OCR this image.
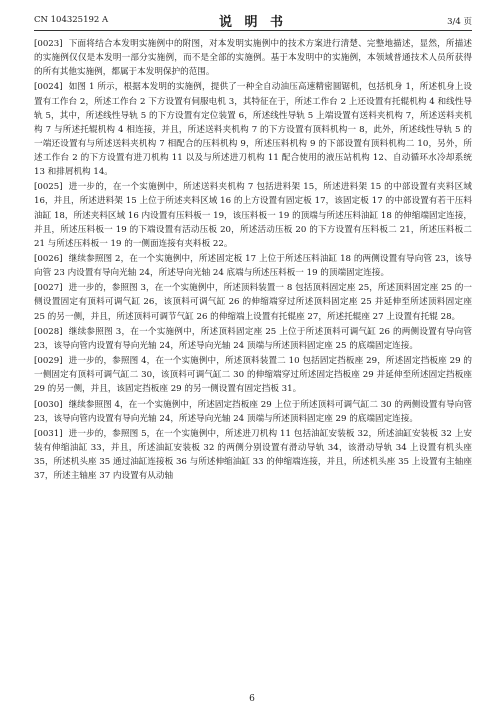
CN 104325192 A	说 明 书	3/4 页

[0023] 下面将结合本发明实施例中的附图，对本发明实施例中的技术方案进行清楚、完整地描述，显然，所描述的实施例仅仅是本发明一部分实施例，而不是全部的实施例。基于本发明中的实施例，本领域普通技术人员所获得的所有其他实施例，都属于本发明保护的范围。

[0024] 如图 1 所示，根据本发明的实施例，提供了一种全自动油压高速精密圆锯机，包括机身 1，所述机身上设置有工作台 2，所述工作台 2 下方设置有伺服电机 3，其特征在于，所述工作台 2 上还设置有托辊机构 4 和线性导轨 5，其中，所述线性导轨 5 的下方设置有定位装置 6，所述线性导轨 5 上端设置有送料夹机构 7，所述送料夹机构 7 与所述托辊机构 4 相连接，并且，所述送料夹机构 7 的下方设置有顶料机构一 8，此外，所述线性导轨 5 的一端还设置有与所述送料夹机构 7 相配合的压料机构 9，所述压料机构 9 的下部设置有顶料机构二 10，另外，所述工作台 2 的下方设置有进刀机构 11 以及与所述进刀机构 11 配合使用的液压站机构 12、自动循环水冷却系统 13 和排屑机构 14。

[0025] 进一步的，在一个实施例中，所述送料夹机构 7 包括进料架 15，所述进料架 15 的中部设置有夹料区域 16，并且，所述进料架 15 上位于所述夹料区域 16 的上方设置有固定板 17，该固定板 17 的中部设置有若干压料油缸 18，所述夹料区域 16 内设置有压料板一 19，该压料板一 19 的顶端与所述压料油缸 18 的伸缩端固定连接，并且，所述压料板一 19 的下端设置有活动压板 20，所述活动压板 20 的下方设置有压料板二 21，所述压料板二 21 与所述压料板一 19 的一侧面连接有夹料板 22。

[0026] 继续参照图 2，在一个实施例中，所述固定板 17 上位于所述压料油缸 18 的两侧设置有导向管 23，该导向管 23 内设置有导向光轴 24，所述导向光轴 24 底端与所述压料板一 19 的顶端固定连接。

[0027] 进一步的，参照图 3，在一个实施例中，所述顶料装置一 8 包括顶料固定座 25，所述顶料固定座 25 的一侧设置固定有顶料可调气缸 26，该顶料可调气缸 26 的伸缩端穿过所述顶料固定座 25 并延伸至所述顶料固定座 25 的另一侧，并且，所述顶料可调节气缸 26 的伸缩端上设置有托辊座 27，所述托辊座 27 上设置有托辊 28。

[0028] 继续参照图 3，在一个实施例中，所述顶料固定座 25 上位于所述顶料可调气缸 26 的两侧设置有导向管 23，该导向管内设置有导向光轴 24，所述导向光轴 24 顶端与所述顶料固定座 25 的底端固定连接。

[0029] 进一步的，参照图 4，在一个实施例中，所述顶料装置二 10 包括固定挡板座 29，所述固定挡板座 29 的一侧固定有顶料可调气缸二 30，该顶料可调气缸二 30 的伸缩端穿过所述固定挡板座 29 并延伸至所述固定挡板座 29 的另一侧，并且，该固定挡板座 29 的另一侧设置有固定挡板 31。

[0030] 继续参照图 4，在一个实施例中，所述固定挡板座 29 上位于所述顶料可调气缸二 30 的两侧设置有导向管 23，该导向管内设置有导向光轴 24，所述导向光轴 24 顶端与所述顶料固定座 29 的底端固定连接。

[0031] 进一步的，参照图 5，在一个实施例中，所述进刀机构 11 包括油缸安装板 32，所述油缸安装板 32 上安装有伸缩油缸 33，并且，所述油缸安装板 32 的两侧分别设置有滑动导轨 34，该滑动导轨 34 上设置有机头座 35，所述机头座 35 通过油缸连接板 36 与所述伸缩油缸 33 的伸缩端连接，并且，所述机头座 35 上设置有主轴座 37，所述主轴座 37 内设置有从动轴

6
